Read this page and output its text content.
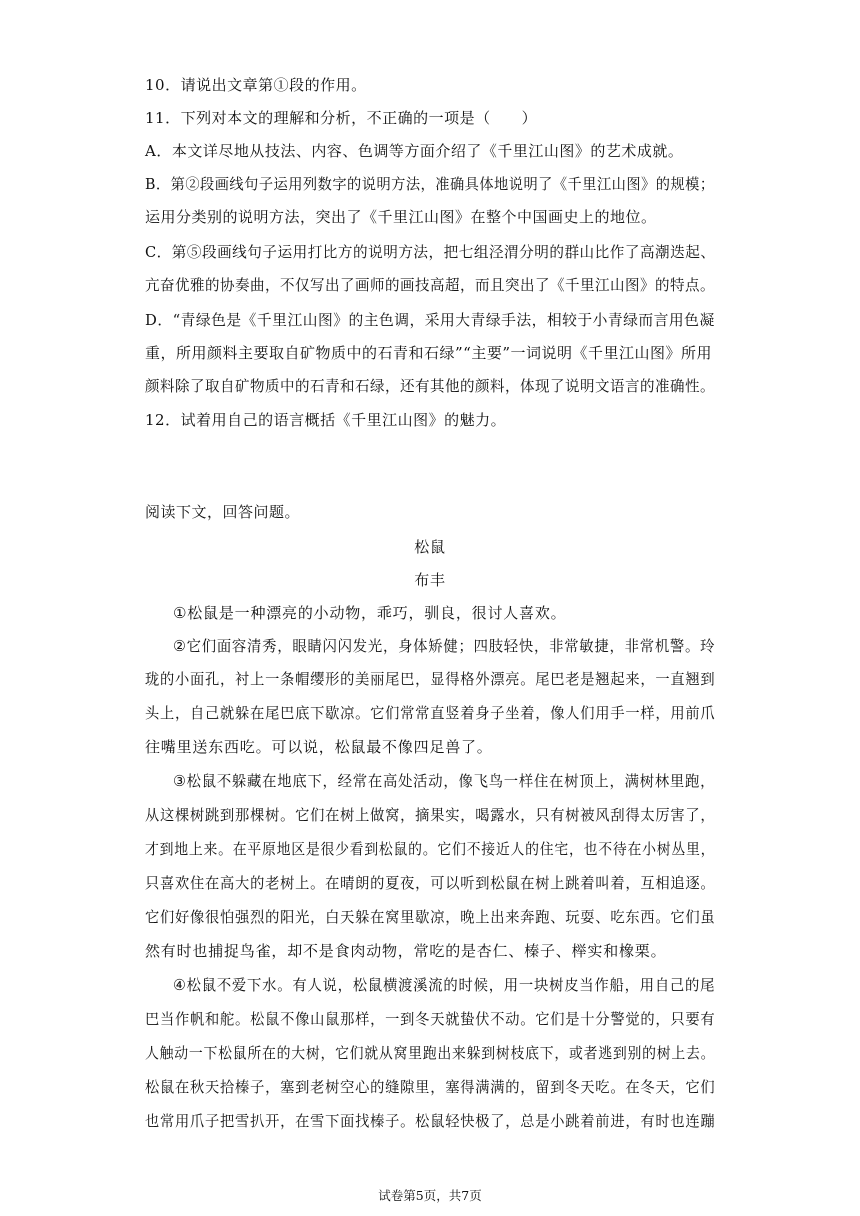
10．请说出文章第①段的作用。
11．下列对本文的理解和分析，不正确的一项是（　　）
A．本文详尽地从技法、内容、色调等方面介绍了《千里江山图》的艺术成就。
B．第②段画线句子运用列数字的说明方法，准确具体地说明了《千里江山图》的规模；
运用分类别的说明方法，突出了《千里江山图》在整个中国画史上的地位。
C．第⑤段画线句子运用打比方的说明方法，把七组泾渭分明的群山比作了高潮迭起、
亢奋优雅的协奏曲，不仅写出了画师的画技高超，而且突出了《千里江山图》的特点。
D．“青绿色是《千里江山图》的主色调，采用大青绿手法，相较于小青绿而言用色凝
重，所用颜料主要取自矿物质中的石青和石绿”“主要”一词说明《千里江山图》所用
颜料除了取自矿物质中的石青和石绿，还有其他的颜料，体现了说明文语言的准确性。
12．试着用自己的语言概括《千里江山图》的魅力。
阅读下文，回答问题。
松鼠
布丰
①松鼠是一种漂亮的小动物，乖巧，驯良，很讨人喜欢。
②它们面容清秀，眼睛闪闪发光，身体矫健；四肢轻快，非常敏捷，非常机警。玲
珑的小面孔，衬上一条帽缨形的美丽尾巴，显得格外漂亮。尾巴老是翘起来，一直翘到
头上，自己就躲在尾巴底下歇凉。它们常常直竖着身子坐着，像人们用手一样，用前爪
往嘴里送东西吃。可以说，松鼠最不像四足兽了。
③松鼠不躲藏在地底下，经常在高处活动，像飞鸟一样住在树顶上，满树林里跑，
从这棵树跳到那棵树。它们在树上做窝，摘果实，喝露水，只有树被风刮得太厉害了，
才到地上来。在平原地区是很少看到松鼠的。它们不接近人的住宅，也不待在小树丛里，
只喜欢住在高大的老树上。在晴朗的夏夜，可以听到松鼠在树上跳着叫着，互相追逐。
它们好像很怕强烈的阳光，白天躲在窝里歇凉，晚上出来奔跑、玩耍、吃东西。它们虽
然有时也捕捉鸟雀，却不是食肉动物，常吃的是杏仁、榛子、榉实和橡栗。
④松鼠不爱下水。有人说，松鼠横渡溪流的时候，用一块树皮当作船，用自己的尾
巴当作帆和舵。松鼠不像山鼠那样，一到冬天就蛰伏不动。它们是十分警觉的，只要有
人触动一下松鼠所在的大树，它们就从窝里跑出来躲到树枝底下，或者逃到别的树上去。
松鼠在秋天拾榛子，塞到老树空心的缝隙里，塞得满满的，留到冬天吃。在冬天，它们
也常用爪子把雪扒开，在雪下面找榛子。松鼠轻快极了，总是小跳着前进，有时也连蹦
试卷第5页，共7页
